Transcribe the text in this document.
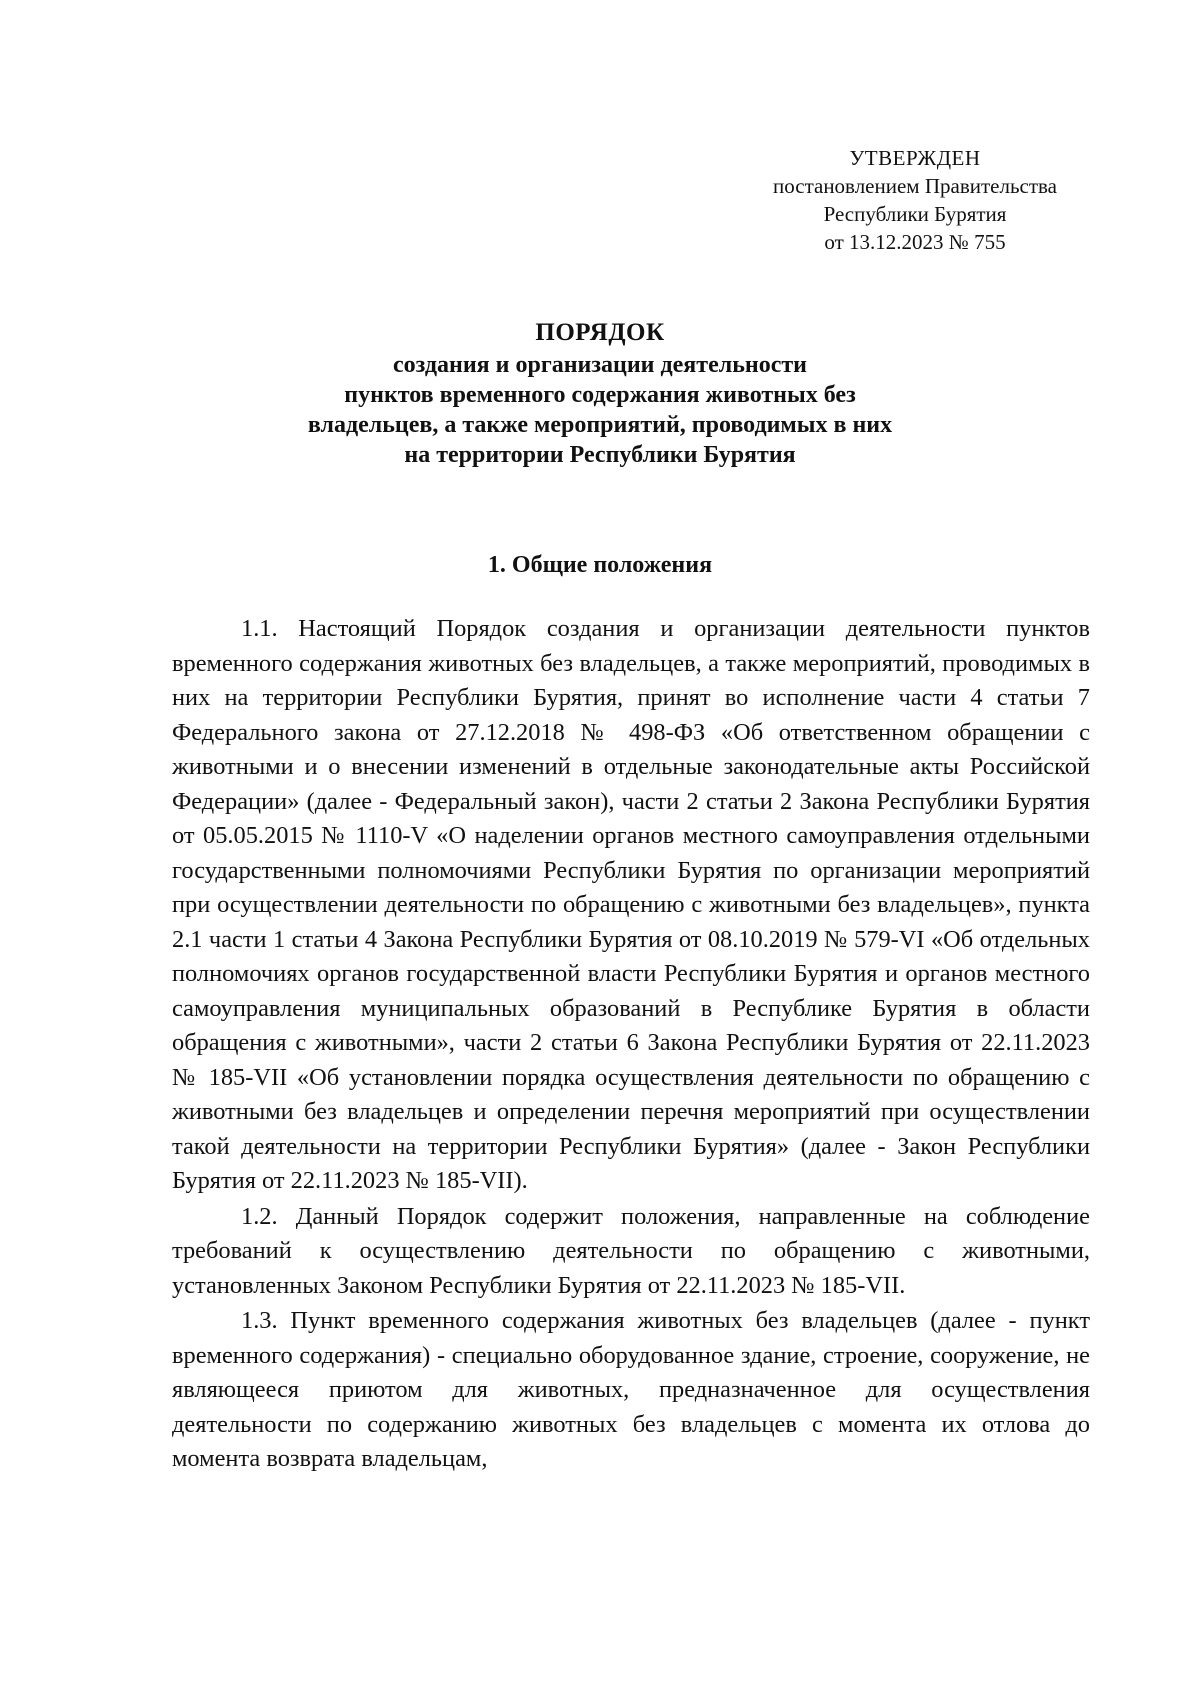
УТВЕРЖДЕН
постановлением Правительства
Республики Бурятия
от 13.12.2023 № 755
ПОРЯДОК
создания и организации деятельности
пунктов временного содержания животных без
владельцев, а также мероприятий, проводимых в них
на территории Республики Бурятия
1. Общие положения

1.1. Настоящий Порядок создания и организации деятельности пунктов временного содержания животных без владельцев, а также мероприятий, проводимых в них на территории Республики Бурятия, принят во исполнение части 4 статьи 7 Федерального закона от 27.12.2018 № 498-ФЗ «Об ответственном обращении с животными и о внесении изменений в отдельные законодательные акты Российской Федерации» (далее - Федеральный закон), части 2 статьи 2 Закона Республики Бурятия от 05.05.2015 № 1110-V «О наделении органов местного самоуправления отдельными государственными полномочиями Республики Бурятия по организации мероприятий при осуществлении деятельности по обращению с животными без владельцев», пункта 2.1 части 1 статьи 4 Закона Республики Бурятия от 08.10.2019 № 579-VI «Об отдельных полномочиях органов государственной власти Республики Бурятия и органов местного самоуправления муниципальных образований в Республике Бурятия в области обращения с животными», части 2 статьи 6 Закона Республики Бурятия от 22.11.2023 № 185-VII «Об установлении порядка осуществления деятельности по обращению с животными без владельцев и определении перечня мероприятий при осуществлении такой деятельности на территории Республики Бурятия» (далее - Закон Республики Бурятия от 22.11.2023 № 185-VII).

1.2. Данный Порядок содержит положения, направленные на соблюдение требований к осуществлению деятельности по обращению с животными, установленных Законом Республики Бурятия от 22.11.2023 № 185-VII.

1.3. Пункт временного содержания животных без владельцев (далее - пункт временного содержания) - специально оборудованное здание, строение, сооружение, не являющееся приютом для животных, предназначенное для осуществления деятельности по содержанию животных без владельцев с момента их отлова до момента возврата владельцам,
